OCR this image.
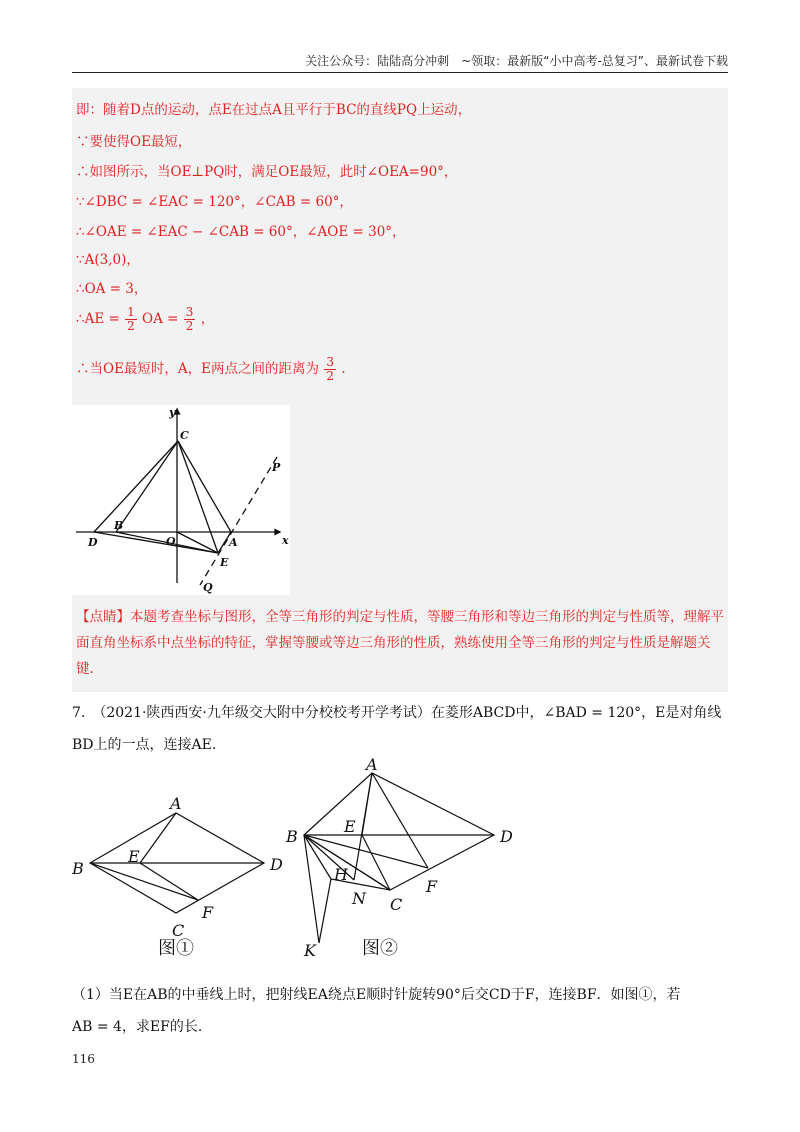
关注公众号：陆陆高分冲刺　~领取：最新版“小中高考-总复习”、最新试卷下载
即：随着D点的运动，点E在过点A且平行于BC的直线PQ上运动，
∵要使得OE最短，
∴如图所示，当OE⊥PQ时，满足OE最短，此时∠OEA=90°，
∵∠DBC = ∠EAC = 120°，∠CAB = 60°，
∴∠OAE = ∠EAC − ∠CAB = 60°，∠AOE = 30°，
∵A(3,0)，
∴OA = 3，
∴AE = $\frac{1}{2}$ OA = $\frac{3}{2}$ ，
∴当OE最短时，A，E两点之间的距离为 $\frac{3}{2}$ .
y
x
C
P
B
D	O	A
E
Q
【点睛】本题考查坐标与图形，全等三角形的判定与性质，等腰三角形和等边三角形的判定与性质等，理解平面直角坐标系中点坐标的特征，掌握等腰或等边三角形的性质，熟练使用全等三角形的判定与性质是解题关键.
7.　（2021·陕西西安·九年级交大附中分校校考开学考试）在菱形ABCD中，∠BAD = 120°，E是对角线
BD上的一点，连接AE.
A
B
E	D
F
C
A
B
E
D
H
F
N C
K
图①	图②
（1）当E在AB的中垂线上时，把射线EA绕点E顺时针旋转90°后交CD于F，连接BF．如图①，若
AB = 4，求EF的长.
116
